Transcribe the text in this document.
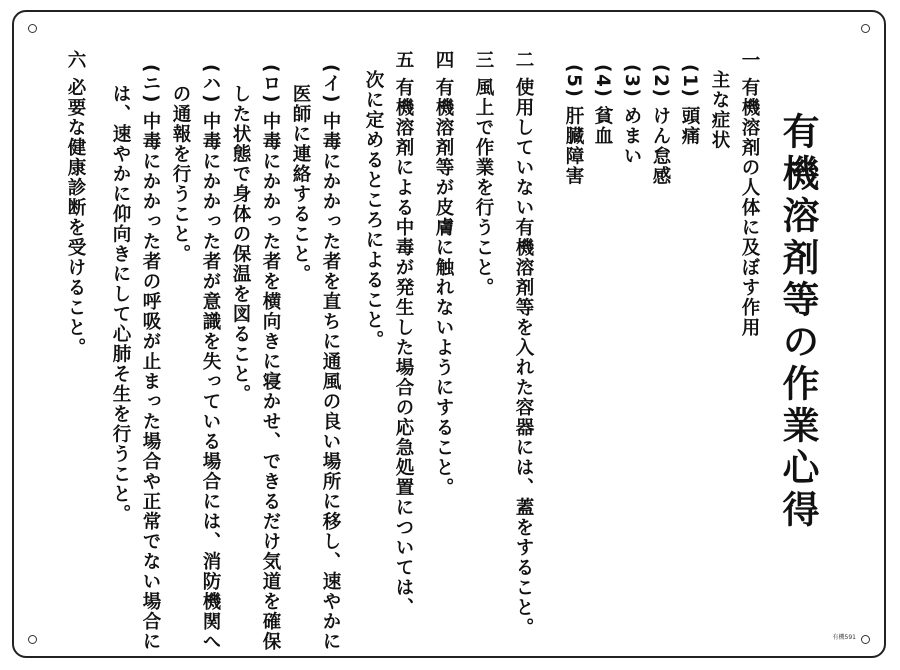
有機溶剤等の作業心得
一 有機溶剤の人体に及ぼす作用
主な症状
(1) 頭痛
(2) けん怠感
(3) めまい
(4) 貧血
(5) 肝臓障害
二 使用していない有機溶剤等を入れた容器には、蓋をすること。
三 風上で作業を行うこと。
四 有機溶剤等が皮膚に触れないようにすること。
五 有機溶剤による中毒が発生した場合の応急処置については、
次に定めるところによること。
(イ) 中毒にかかった者を直ちに通風の良い場所に移し、速やかに
医師に連絡すること。
(ロ) 中毒にかかった者を横向きに寝かせ、できるだけ気道を確保
した状態で身体の保温を図ること。
(ハ) 中毒にかかった者が意識を失っている場合には、消防機関へ
の通報を行うこと。
(ニ) 中毒にかかった者の呼吸が止まった場合や正常でない場合に
は、速やかに仰向きにして心肺そ生を行うこと。
六 必要な健康診断を受けること。
有機591
